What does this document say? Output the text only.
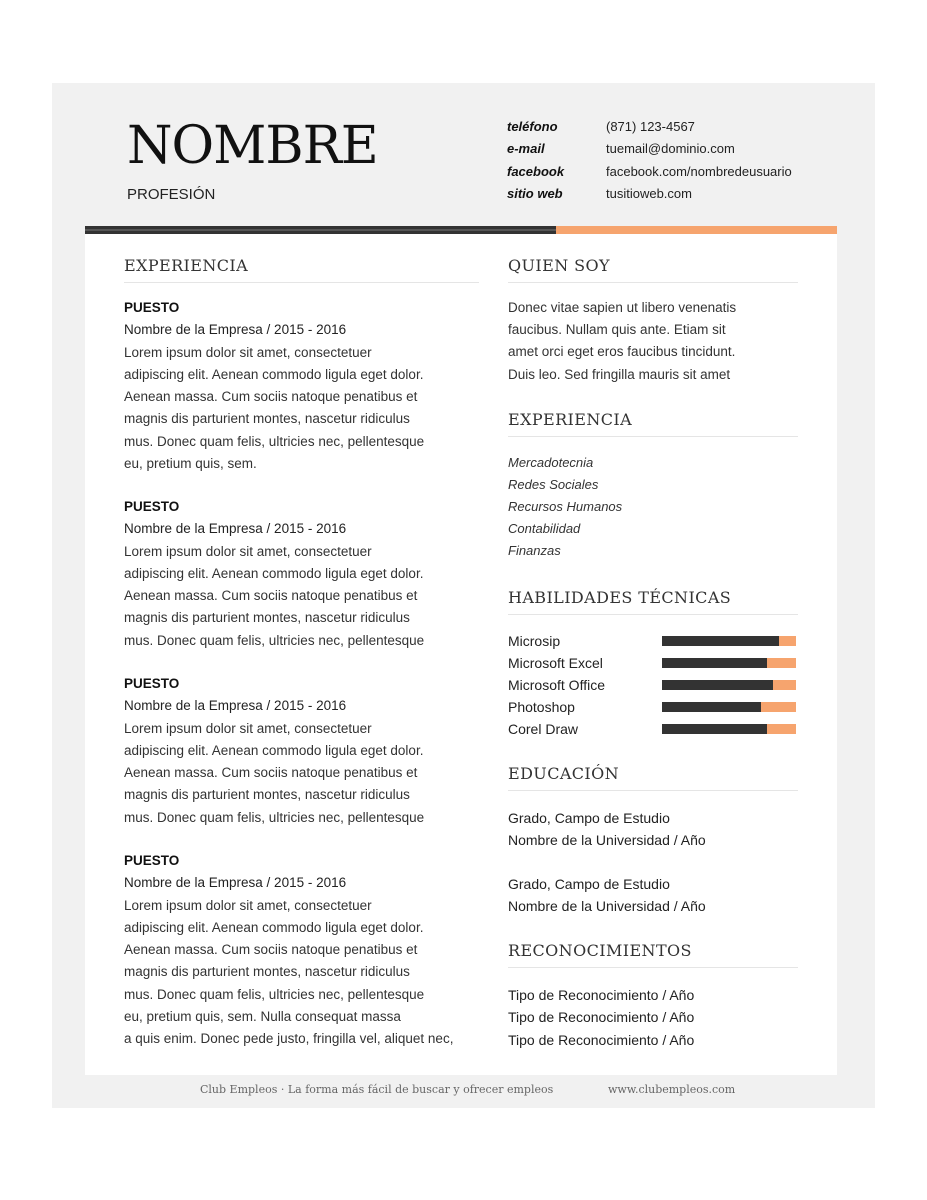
NOMBRE
PROFESIÓN
teléfono	(871) 123-4567
e-mail	tuemail@dominio.com
facebook	facebook.com/nombredeusuario
sitio web	tusitioweb.com
EXPERIENCIA
PUESTO
Nombre de la Empresa / 2015 - 2016
Lorem ipsum dolor sit amet, consectetuer
adipiscing elit. Aenean commodo ligula eget dolor.
Aenean massa. Cum sociis natoque penatibus et
magnis dis parturient montes, nascetur ridiculus
mus. Donec quam felis, ultricies nec, pellentesque
eu, pretium quis, sem.
PUESTO
Nombre de la Empresa / 2015 - 2016
Lorem ipsum dolor sit amet, consectetuer
adipiscing elit. Aenean commodo ligula eget dolor.
Aenean massa. Cum sociis natoque penatibus et
magnis dis parturient montes, nascetur ridiculus
mus. Donec quam felis, ultricies nec, pellentesque
PUESTO
Nombre de la Empresa / 2015 - 2016
Lorem ipsum dolor sit amet, consectetuer
adipiscing elit. Aenean commodo ligula eget dolor.
Aenean massa. Cum sociis natoque penatibus et
magnis dis parturient montes, nascetur ridiculus
mus. Donec quam felis, ultricies nec, pellentesque
PUESTO
Nombre de la Empresa / 2015 - 2016
Lorem ipsum dolor sit amet, consectetuer
adipiscing elit. Aenean commodo ligula eget dolor.
Aenean massa. Cum sociis natoque penatibus et
magnis dis parturient montes, nascetur ridiculus
mus. Donec quam felis, ultricies nec, pellentesque
eu, pretium quis, sem. Nulla consequat massa
a quis enim. Donec pede justo, fringilla vel, aliquet nec,
QUIEN SOY
Donec vitae sapien ut libero venenatis
faucibus. Nullam quis ante. Etiam sit
amet orci eget eros faucibus tincidunt.
Duis leo. Sed fringilla mauris sit amet
EXPERIENCIA
Mercadotecnia
Redes Sociales
Recursos Humanos
Contabilidad
Finanzas
HABILIDADES TÉCNICAS
Microsip
Microsoft Excel
Microsoft Office
Photoshop
Corel Draw
EDUCACIÓN
Grado, Campo de Estudio
Nombre de la Universidad / Año
Grado, Campo de Estudio
Nombre de la Universidad / Año
RECONOCIMIENTOS
Tipo de Reconocimiento / Año
Tipo de Reconocimiento / Año
Tipo de Reconocimiento / Año
Club Empleos · La forma más fácil de buscar y ofrecer empleos	www.clubempleos.com
